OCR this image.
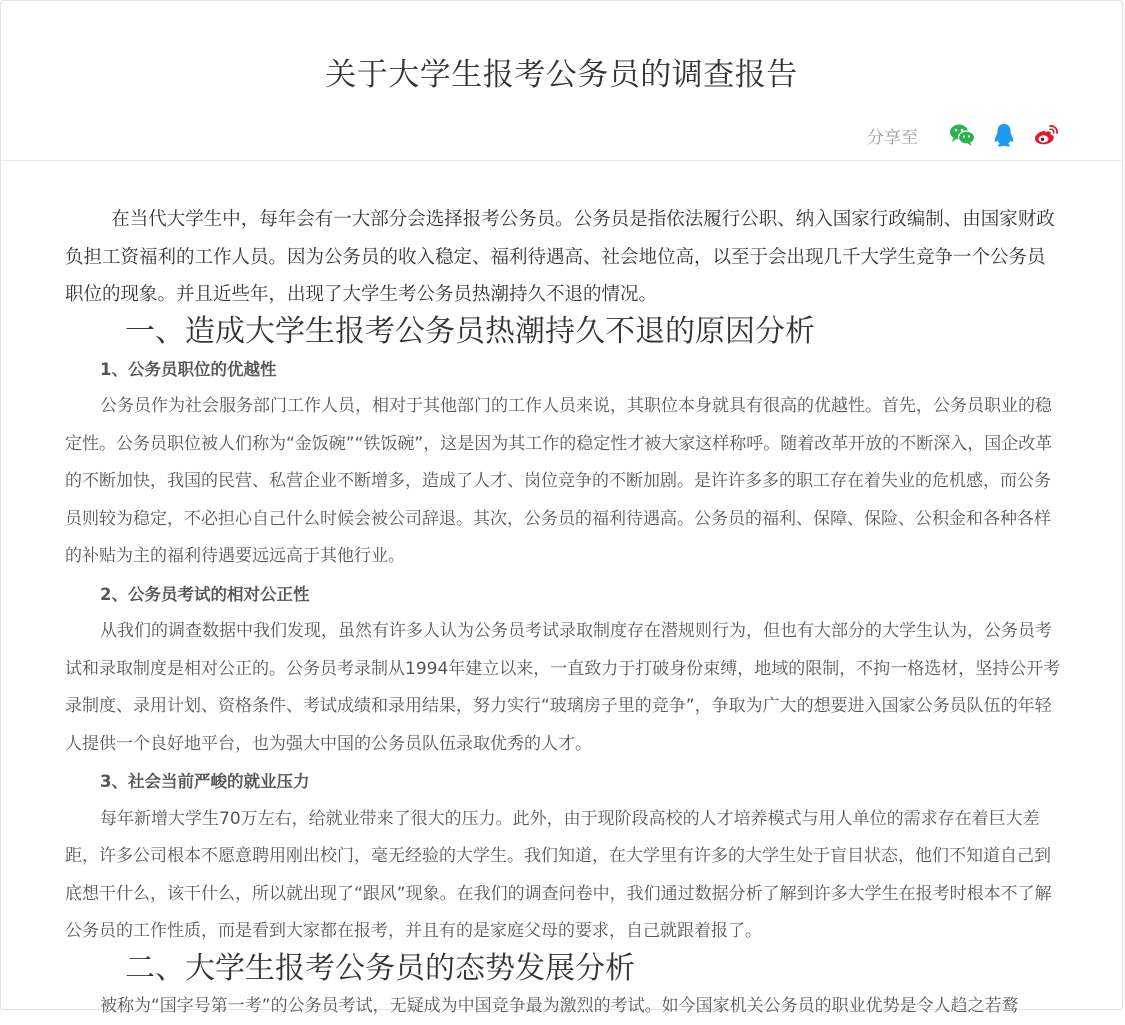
关于大学生报考公务员的调查报告
分享至

在当代大学生中，每年会有一大部分会选择报考公务员。公务员是指依法履行公职、纳入国家行政编制、由国家财政负担工资福利的工作人员。因为公务员的收入稳定、福利待遇高、社会地位高，以至于会出现几千大学生竞争一个公务员职位的现象。并且近些年，出现了大学生考公务员热潮持久不退的情况。

一、造成大学生报考公务员热潮持久不退的原因分析
1、公务员职位的优越性

公务员作为社会服务部门工作人员，相对于其他部门的工作人员来说，其职位本身就具有很高的优越性。首先，公务员职业的稳定性。公务员职位被人们称为“金饭碗”“铁饭碗”，这是因为其工作的稳定性才被大家这样称呼。随着改革开放的不断深入，国企改革的不断加快，我国的民营、私营企业不断增多，造成了人才、岗位竞争的不断加剧。是许许多多的职工存在着失业的危机感，而公务员则较为稳定，不必担心自己什么时候会被公司辞退。其次，公务员的福利待遇高。公务员的福利、保障、保险、公积金和各种各样的补贴为主的福利待遇要远远高于其他行业。

2、公务员考试的相对公正性

从我们的调查数据中我们发现，虽然有许多人认为公务员考试录取制度存在潜规则行为，但也有大部分的大学生认为，公务员考试和录取制度是相对公正的。公务员考录制从1994年建立以来，一直致力于打破身份束缚，地域的限制，不拘一格选材，坚持公开考录制度、录用计划、资格条件、考试成绩和录用结果，努力实行“玻璃房子里的竞争”，争取为广大的想要进入国家公务员队伍的年轻人提供一个良好地平台，也为强大中国的公务员队伍录取优秀的人才。

3、社会当前严峻的就业压力

每年新增大学生70万左右，给就业带来了很大的压力。此外，由于现阶段高校的人才培养模式与用人单位的需求存在着巨大差距，许多公司根本不愿意聘用刚出校门，毫无经验的大学生。我们知道，在大学里有许多的大学生处于盲目状态，他们不知道自己到底想干什么，该干什么，所以就出现了“跟风”现象。在我们的调查问卷中，我们通过数据分析了解到许多大学生在报考时根本不了解公务员的工作性质，而是看到大家都在报考，并且有的是家庭父母的要求，自己就跟着报了。

二、大学生报考公务员的态势发展分析

被称为“国字号第一考”的公务员考试，无疑成为中国竞争最为激烈的考试。如今国家机关公务员的职业优势是令人趋之若鹜
